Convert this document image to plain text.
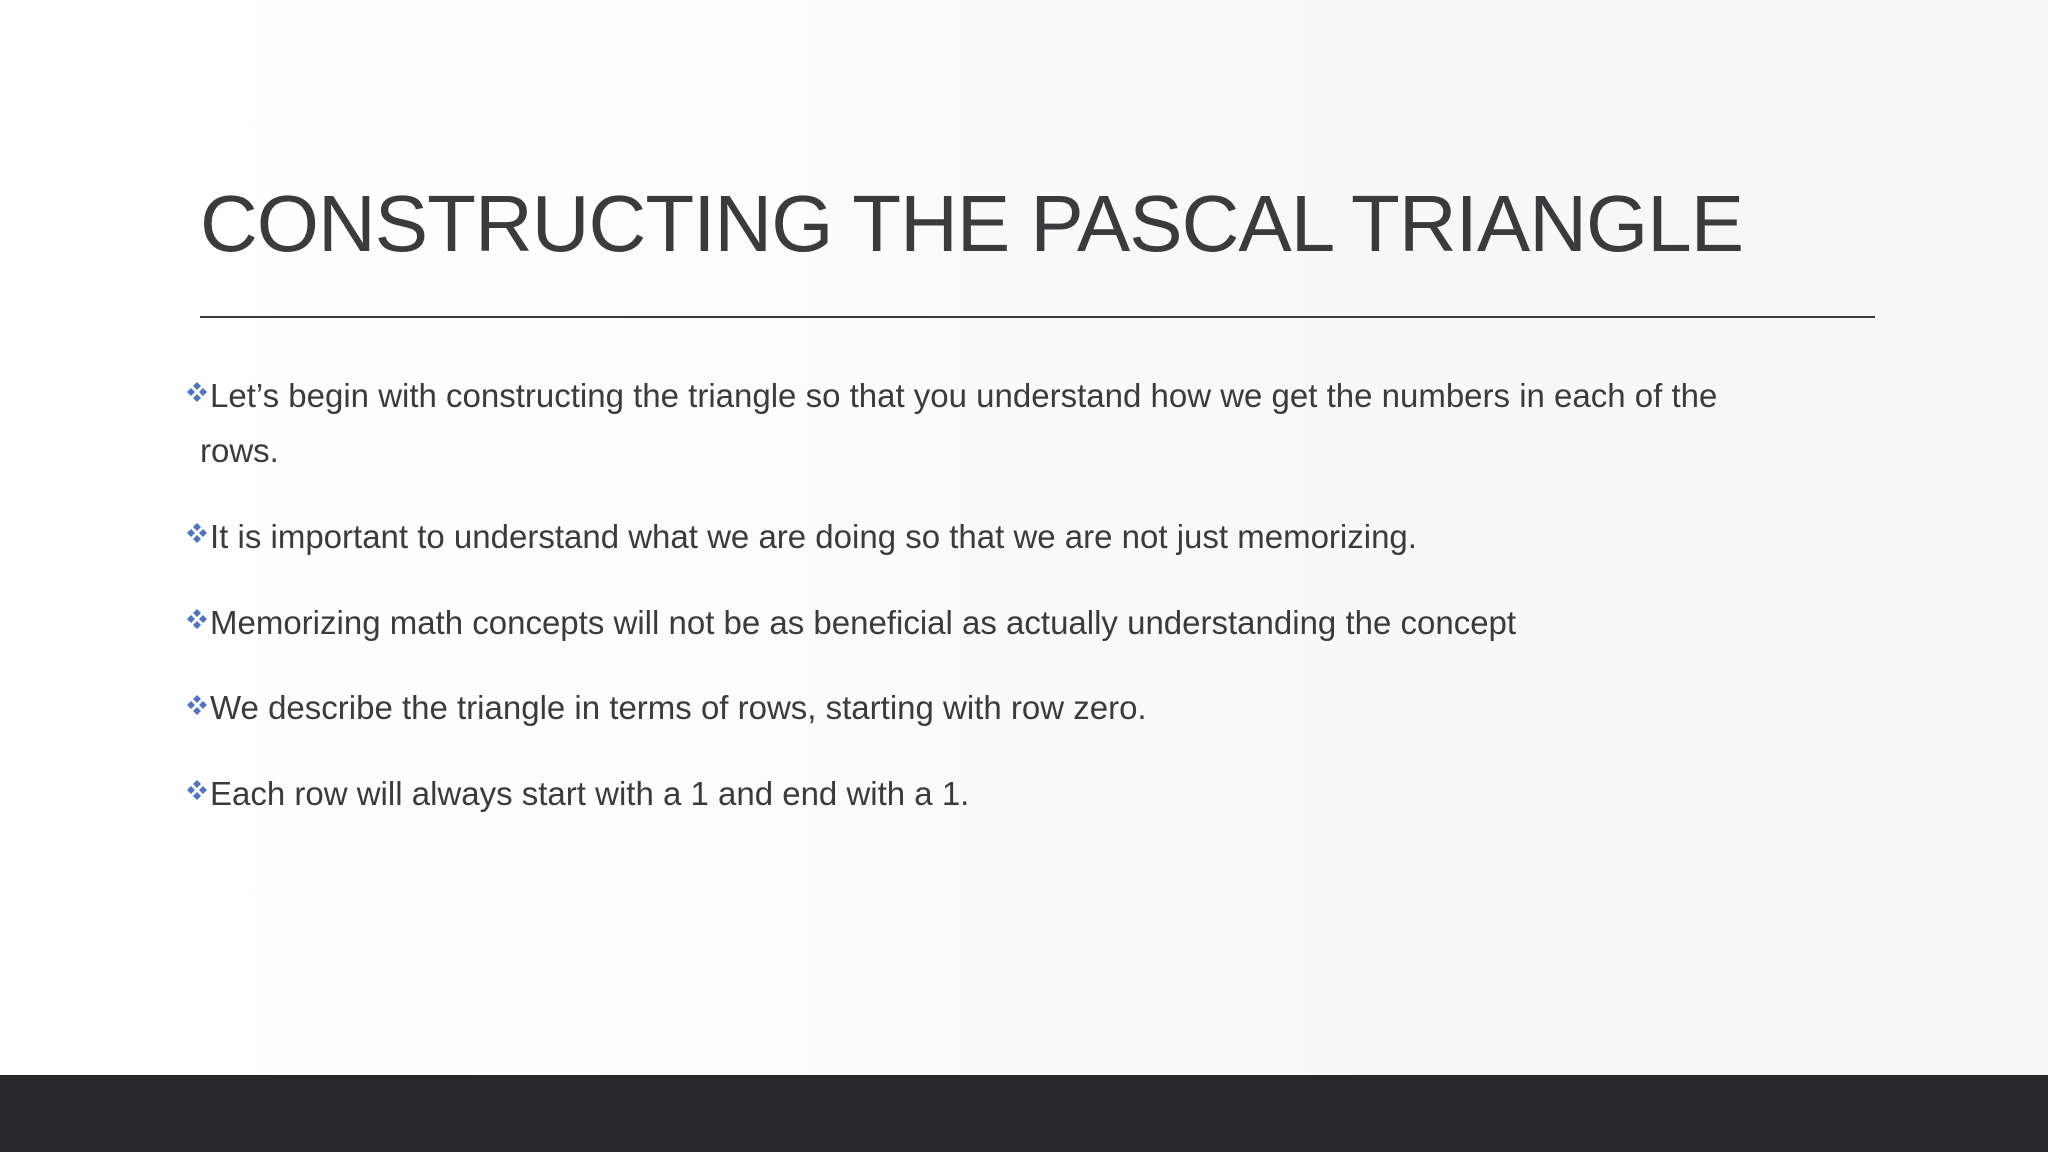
CONSTRUCTING THE PASCAL TRIANGLE
Let’s begin with constructing the triangle so that you understand how we get the numbers in each of the
rows.
It is important to understand what we are doing so that we are not just memorizing.
Memorizing math concepts will not be as beneficial as actually understanding the concept
We describe the triangle in terms of rows, starting with row zero.
Each row will always start with a 1 and end with a 1.
